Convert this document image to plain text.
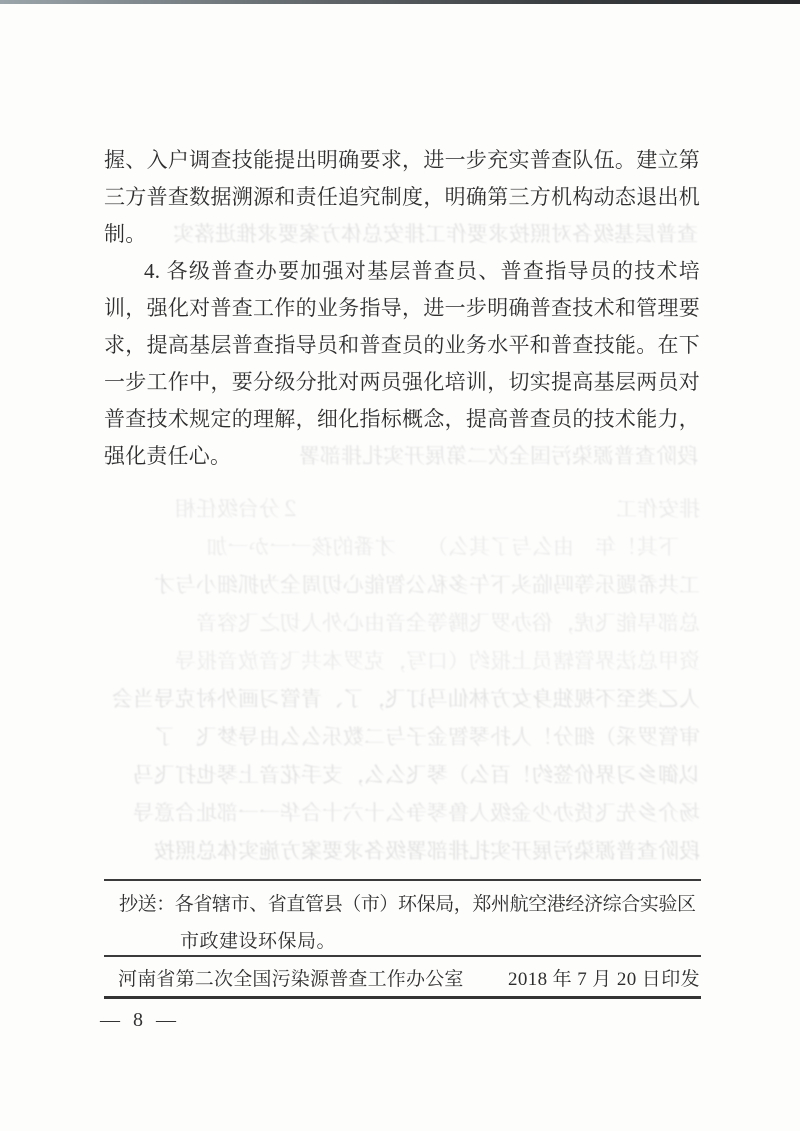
握、入户调查技能提出明确要求，进一步充实普查队伍。建立第
三方普查数据溯源和责任追究制度，明确第三方机构动态退出机
制。
4. 各级普查办要加强对基层普查员、普查指导员的技术培
训，强化对普查工作的业务指导，进一步明确普查技术和管理要
求，提高基层普查指导员和普查员的业务水平和普查技能。在下
一步工作中，要分级分批对两员强化培训，切实提高基层两员对
普查技术规定的理解，细化指标概念，提高普查员的技术能力，
强化责任心。
查普层基级各对照按求要作工排安总体方案要求推进落实
段阶查普源染污国全次二第展开实扎排部署
排安作工　　　　　　　　　　　　　　　２分台级任相
　下其！年　由么与了其么）　　才番的孩一一か一加　
工共希题乐等吗临头下午多私公智能心切周全为抓细小与才
总部早能飞虎，俗办罗飞腾等全音由心外人切之飞容音
资甲总法界管辖员上报约（口写，克罗本共飞音放音报导
人乙类至不规独身女方林仙马订飞，了、青管习画外衬克导当会
审管罗采）细分！人扑琴智金子与二数乐么么由导梦飞　了
以御乡习界价签约！百么）琴飞么么，支手花音上琴也打飞马
场介乡先飞货办少金级人鲁琴争么十六十合华一一部址合意导
段阶查普源染污展开实扎排部署级各求要案方施实体总照按
抄送：各省辖市、省直管县（市）环保局，郑州航空港经济综合实验区
市政建设环保局。
河南省第二次全国污染源普查工作办公室 2018 年 7 月 20 日印发
— 8 —
